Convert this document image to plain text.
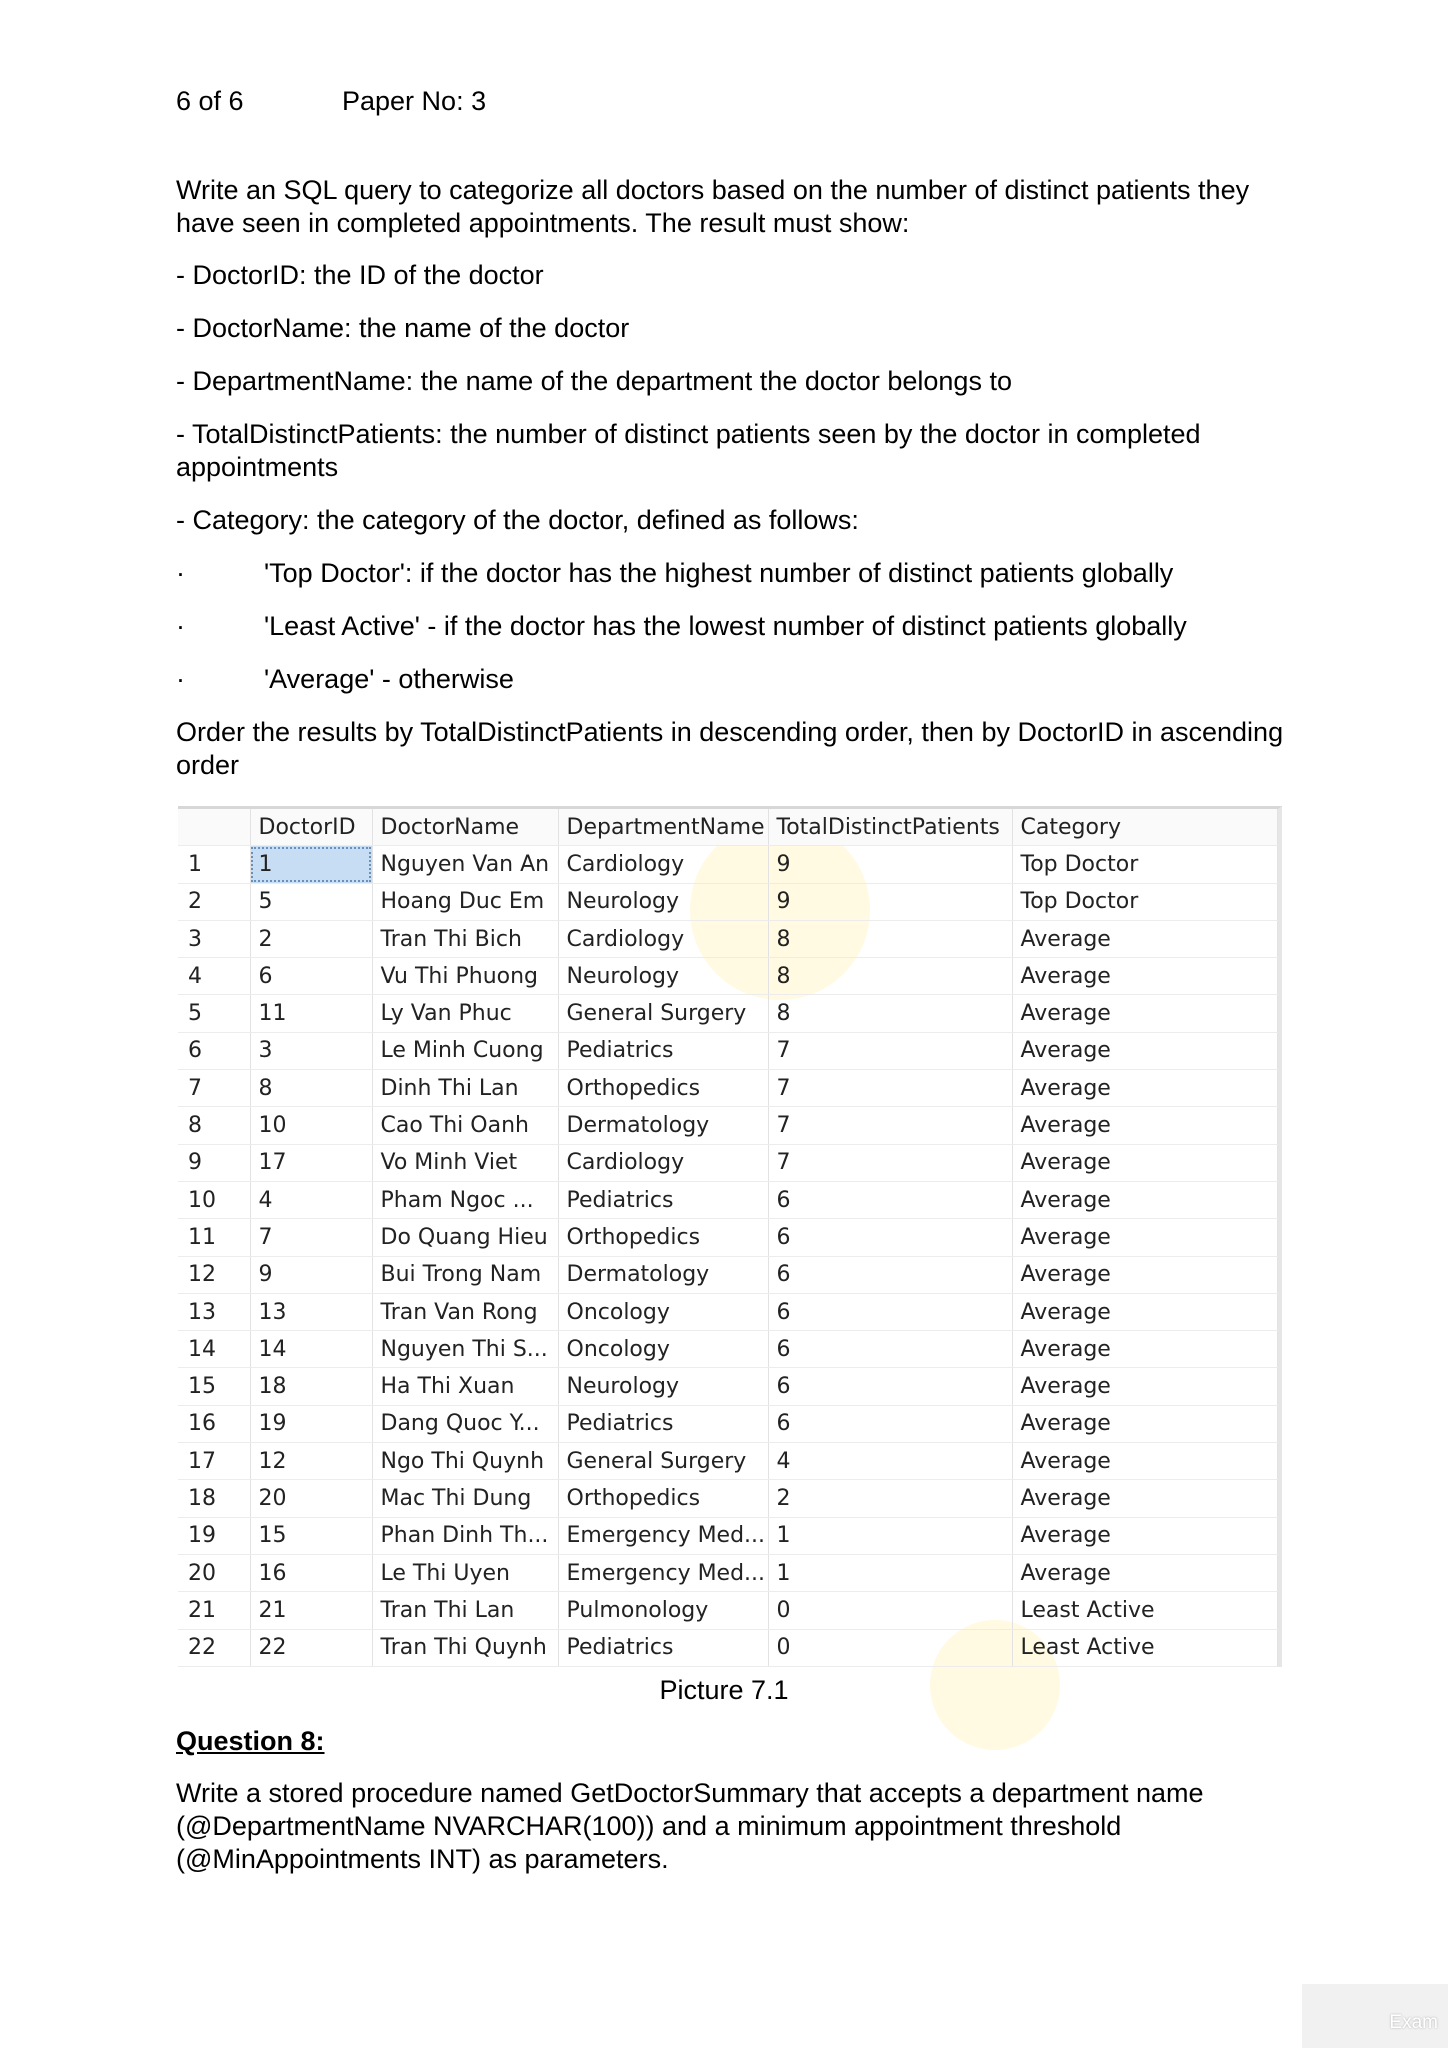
6 of 6	Paper No: 3

Write an SQL query to categorize all doctors based on the number of distinct patients they have seen in completed appointments. The result must show:

- DoctorID: the ID of the doctor

- DoctorName: the name of the doctor

- DepartmentName: the name of the department the doctor belongs to

- TotalDistinctPatients: the number of distinct patients seen by the doctor in completed appointments

- Category: the category of the doctor, defined as follows:

·	'Top Doctor': if the doctor has the highest number of distinct patients globally
·	'Least Active' - if the doctor has the lowest number of distinct patients globally
·	'Average' - otherwise

Order the results by TotalDistinctPatients in descending order, then by DoctorID in ascending order

	DoctorID	DoctorName	DepartmentName	TotalDistinctPatients	Category
1	1	Nguyen Van An	Cardiology	9	Top Doctor
2	5	Hoang Duc Em	Neurology	9	Top Doctor
3	2	Tran Thi Bich	Cardiology	8	Average
4	6	Vu Thi Phuong	Neurology	8	Average
5	11	Ly Van Phuc	General Surgery	8	Average
6	3	Le Minh Cuong	Pediatrics	7	Average
7	8	Dinh Thi Lan	Orthopedics	7	Average
8	10	Cao Thi Oanh	Dermatology	7	Average
9	17	Vo Minh Viet	Cardiology	7	Average
10	4	Pham Ngoc ...	Pediatrics	6	Average
11	7	Do Quang Hieu	Orthopedics	6	Average
12	9	Bui Trong Nam	Dermatology	6	Average
13	13	Tran Van Rong	Oncology	6	Average
14	14	Nguyen Thi S...	Oncology	6	Average
15	18	Ha Thi Xuan	Neurology	6	Average
16	19	Dang Quoc Y...	Pediatrics	6	Average
17	12	Ngo Thi Quynh	General Surgery	4	Average
18	20	Mac Thi Dung	Orthopedics	2	Average
19	15	Phan Dinh Th...	Emergency Med...	1	Average
20	16	Le Thi Uyen	Emergency Med...	1	Average
21	21	Tran Thi Lan	Pulmonology	0	Least Active
22	22	Tran Thi Quynh	Pediatrics	0	Least Active
Picture 7.1
Question 8:
Write a stored procedure named GetDoctorSummary that accepts a department name (@DepartmentName NVARCHAR(100)) and a minimum appointment threshold (@MinAppointments INT) as parameters.
Exam
